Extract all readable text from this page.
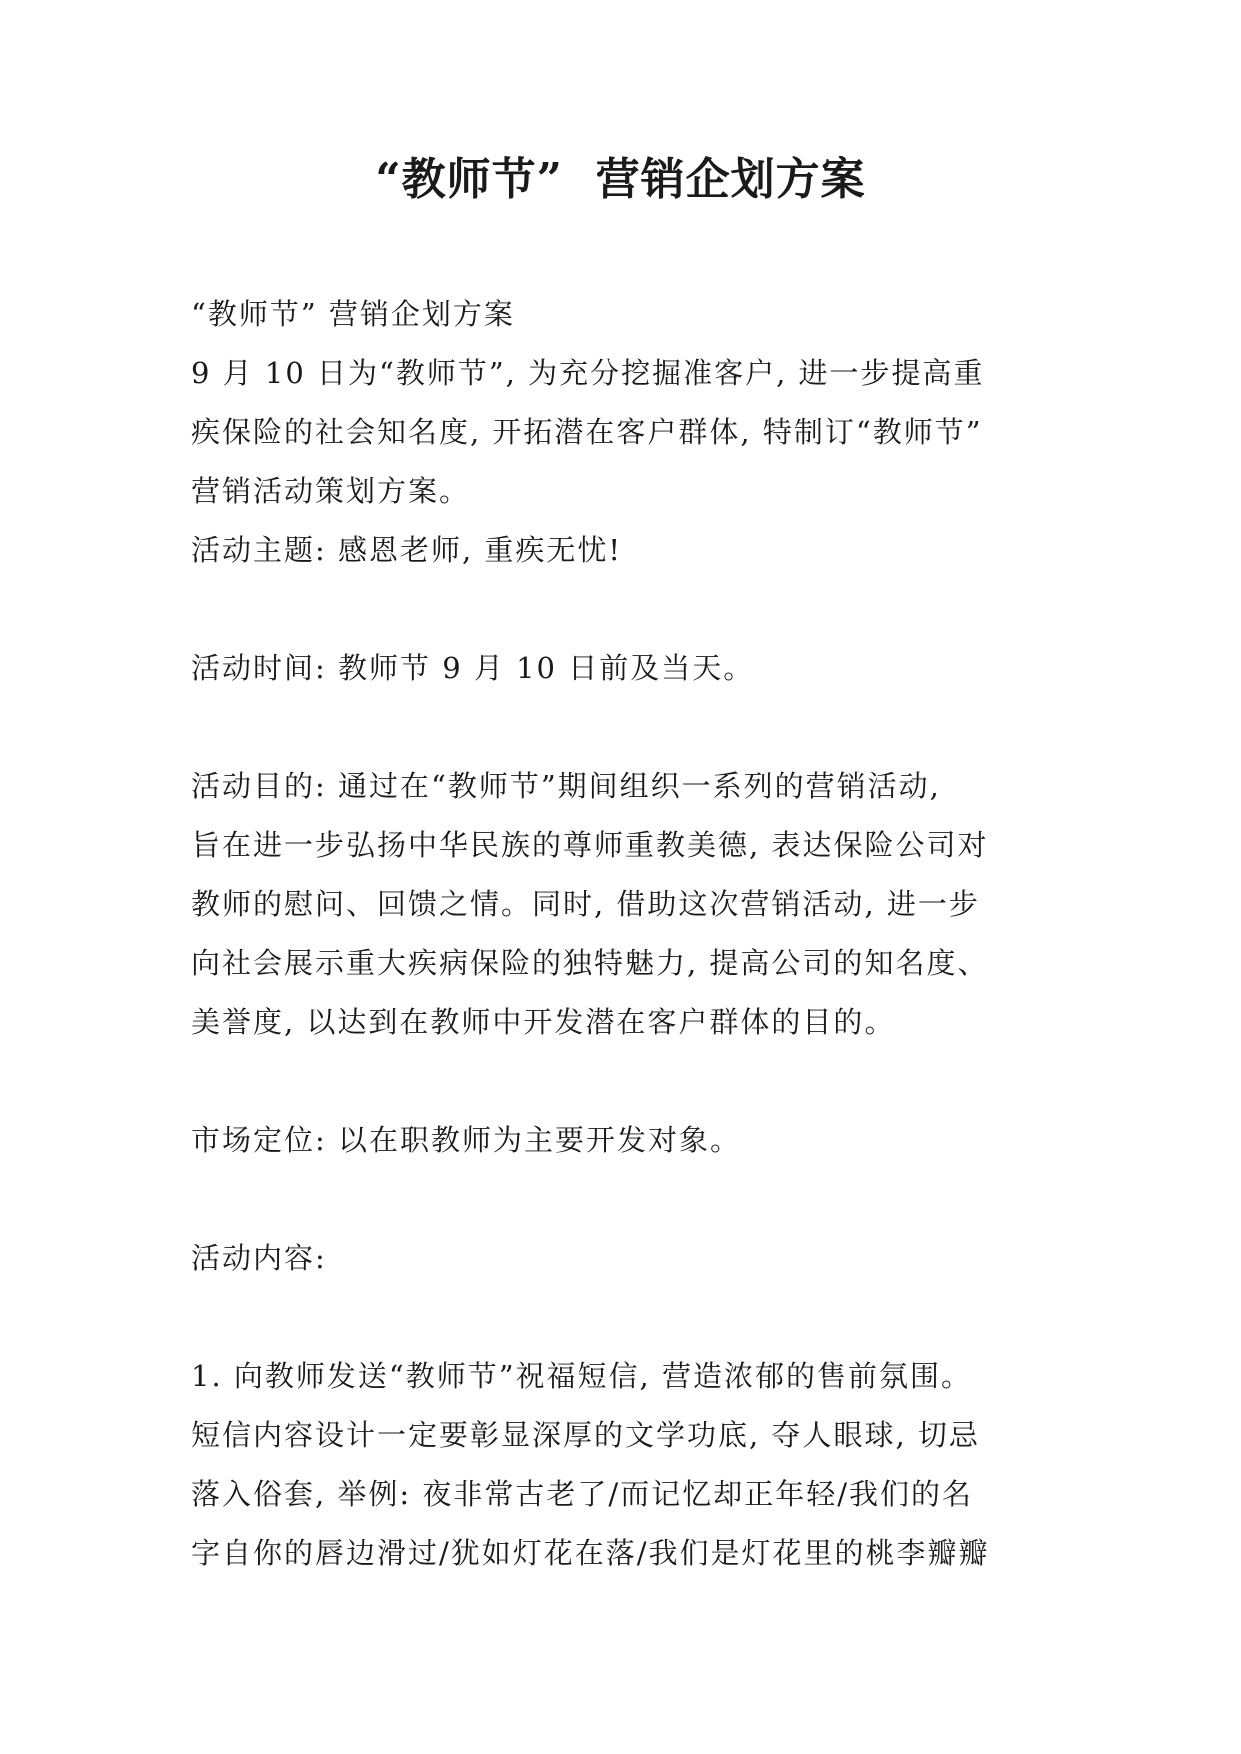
“教师节”  营销企划方案
“教师节” 营销企划方案
9 月 10 日为“教师节”, 为充分挖掘准客户, 进一步提高重
疾保险的社会知名度, 开拓潜在客户群体, 特制订“教师节”
营销活动策划方案。
活动主题: 感恩老师, 重疾无忧!
活动时间: 教师节 9 月 10 日前及当天。
活动目的: 通过在“教师节”期间组织一系列的营销活动,
旨在进一步弘扬中华民族的尊师重教美德, 表达保险公司对
教师的慰问、回馈之情。同时, 借助这次营销活动, 进一步
向社会展示重大疾病保险的独特魅力, 提高公司的知名度、
美誉度, 以达到在教师中开发潜在客户群体的目的。
市场定位: 以在职教师为主要开发对象。
活动内容:
1. 向教师发送“教师节”祝福短信, 营造浓郁的售前氛围。
短信内容设计一定要彰显深厚的文学功底, 夺人眼球, 切忌
落入俗套, 举例: 夜非常古老了/而记忆却正年轻/我们的名
字自你的唇边滑过/犹如灯花在落/我们是灯花里的桃李瓣瓣
